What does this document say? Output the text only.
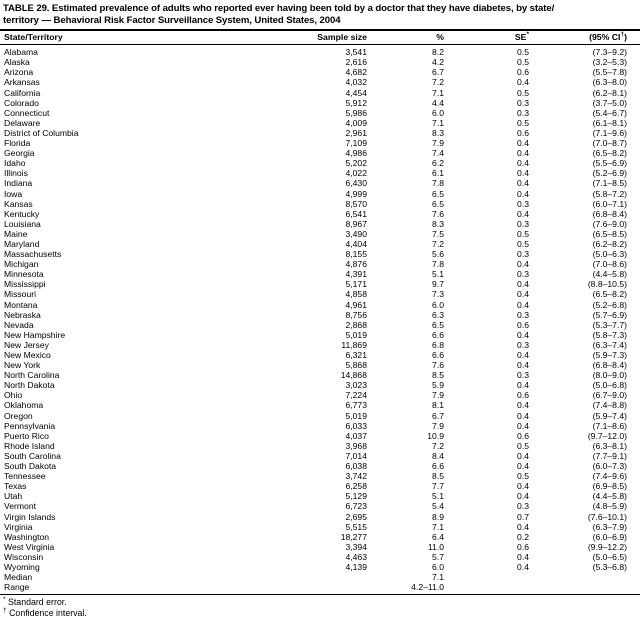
TABLE 29. Estimated prevalence of adults who reported ever having been told by a doctor that they have diabetes, by state/
territory — Behavioral Risk Factor Surveillance System, United States, 2004
State/Territory	Sample size	%	SE*	(95% CI†)
Alabama	3,541	8.2	0.5	(7.3–9.2)
Alaska	2,616	4.2	0.5	(3.2–5.3)
Arizona	4,682	6.7	0.6	(5.5–7.8)
Arkansas	4,032	7.2	0.4	(6.3–8.0)
California	4,454	7.1	0.5	(6.2–8.1)
Colorado	5,912	4.4	0.3	(3.7–5.0)
Connecticut	5,986	6.0	0.3	(5.4–6.7)
Delaware	4,009	7.1	0.5	(6.1–8.1)
District of Columbia	2,961	8.3	0.6	(7.1–9.6)
Florida	7,109	7.9	0.4	(7.0–8.7)
Georgia	4,986	7.4	0.4	(6.5–8.2)
Idaho	5,202	6.2	0.4	(5.5–6.9)
Illinois	4,022	6.1	0.4	(5.2–6.9)
Indiana	6,430	7.8	0.4	(7.1–8.5)
Iowa	4,999	6.5	0.4	(5.8–7.2)
Kansas	8,570	6.5	0.3	(6.0–7.1)
Kentucky	6,541	7.6	0.4	(6.8–8.4)
Louisiana	8,967	8.3	0.3	(7.6–9.0)
Maine	3,490	7.5	0.5	(6.5–8.5)
Maryland	4,404	7.2	0.5	(6.2–8.2)
Massachusetts	8,155	5.6	0.3	(5.0–6.3)
Michigan	4,876	7.8	0.4	(7.0–8.6)
Minnesota	4,391	5.1	0.3	(4.4–5.8)
Mississippi	5,171	9.7	0.4	(8.8–10.5)
Missouri	4,858	7.3	0.4	(6.5–8.2)
Montana	4,961	6.0	0.4	(5.2–6.8)
Nebraska	8,756	6.3	0.3	(5.7–6.9)
Nevada	2,868	6.5	0.6	(5.3–7.7)
New Hampshire	5,019	6.6	0.4	(5.8–7.3)
New Jersey	11,869	6.8	0.3	(6.3–7.4)
New Mexico	6,321	6.6	0.4	(5.9–7.3)
New York	5,868	7.6	0.4	(6.8–8.4)
North Carolina	14,868	8.5	0.3	(8.0–9.0)
North Dakota	3,023	5.9	0.4	(5.0–6.8)
Ohio	7,224	7.9	0.6	(6.7–9.0)
Oklahoma	6,773	8.1	0.4	(7.4–8.8)
Oregon	5,019	6.7	0.4	(5.9–7.4)
Pennsylvania	6,033	7.9	0.4	(7.1–8.6)
Puerto Rico	4,037	10.9	0.6	(9.7–12.0)
Rhode Island	3,968	7.2	0.5	(6.3–8.1)
South Carolina	7,014	8.4	0.4	(7.7–9.1)
South Dakota	6,038	6.6	0.4	(6.0–7.3)
Tennessee	3,742	8.5	0.5	(7.4–9.6)
Texas	6,258	7.7	0.4	(6.9–8.5)
Utah	5,129	5.1	0.4	(4.4–5.8)
Vermont	6,723	5.4	0.3	(4.8–5.9)
Virgin Islands	2,695	8.9	0.7	(7.6–10.1)
Virginia	5,515	7.1	0.4	(6.3–7.9)
Washington	18,277	6.4	0.2	(6.0–6.9)
West Virginia	3,394	11.0	0.6	(9.9–12.2)
Wisconsin	4,463	5.7	0.4	(5.0–6.5)
Wyoming	4,139	6.0	0.4	(5.3–6.8)
Median		7.1		
Range		4.2–11.0		
* Standard error.
† Confidence interval.
